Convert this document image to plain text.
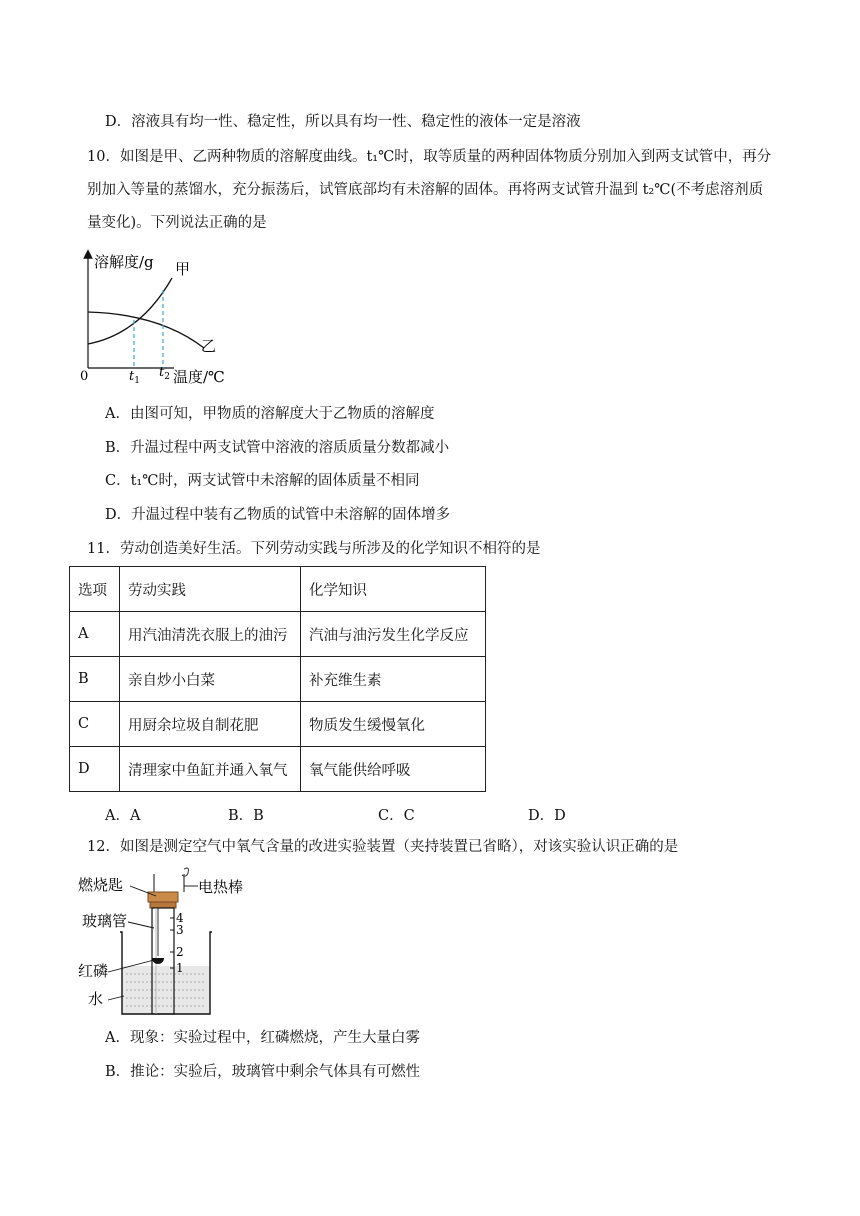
D．溶液具有均一性、稳定性，所以具有均一性、稳定性的液体一定是溶液
10．如图是甲、乙两种物质的溶解度曲线。t₁℃时，取等质量的两种固体物质分别加入到两支试管中，再分
别加入等量的蒸馏水，充分振荡后，试管底部均有未溶解的固体。再将两支试管升温到 t₂℃(不考虑溶剂质
量变化)。下列说法正确的是
溶解度/g
温度/℃
0
甲
乙
$t_1$
$t_2$
A．由图可知，甲物质的溶解度大于乙物质的溶解度
B．升温过程中两支试管中溶液的溶质质量分数都减小
C．t₁℃时，两支试管中未溶解的固体质量不相同
D．升温过程中装有乙物质的试管中未溶解的固体增多
11．劳动创造美好生活。下列劳动实践与所涉及的化学知识不相符的是
选项	劳动实践	化学知识
A	用汽油清洗衣服上的油污	汽油与油污发生化学反应
B	亲自炒小白菜	补充维生素
C	用厨余垃圾自制花肥	物质发生缓慢氧化
D	清理家中鱼缸并通入氧气	氧气能供给呼吸
A．A	B．B	C．C	D．D
12．如图是测定空气中氧气含量的改进实验装置（夹持装置已省略），对该实验认识正确的是
4
3
2
1
燃烧匙	电热棒
玻璃管
红磷
水
A．现象：实验过程中，红磷燃烧，产生大量白雾
B．推论：实验后，玻璃管中剩余气体具有可燃性
